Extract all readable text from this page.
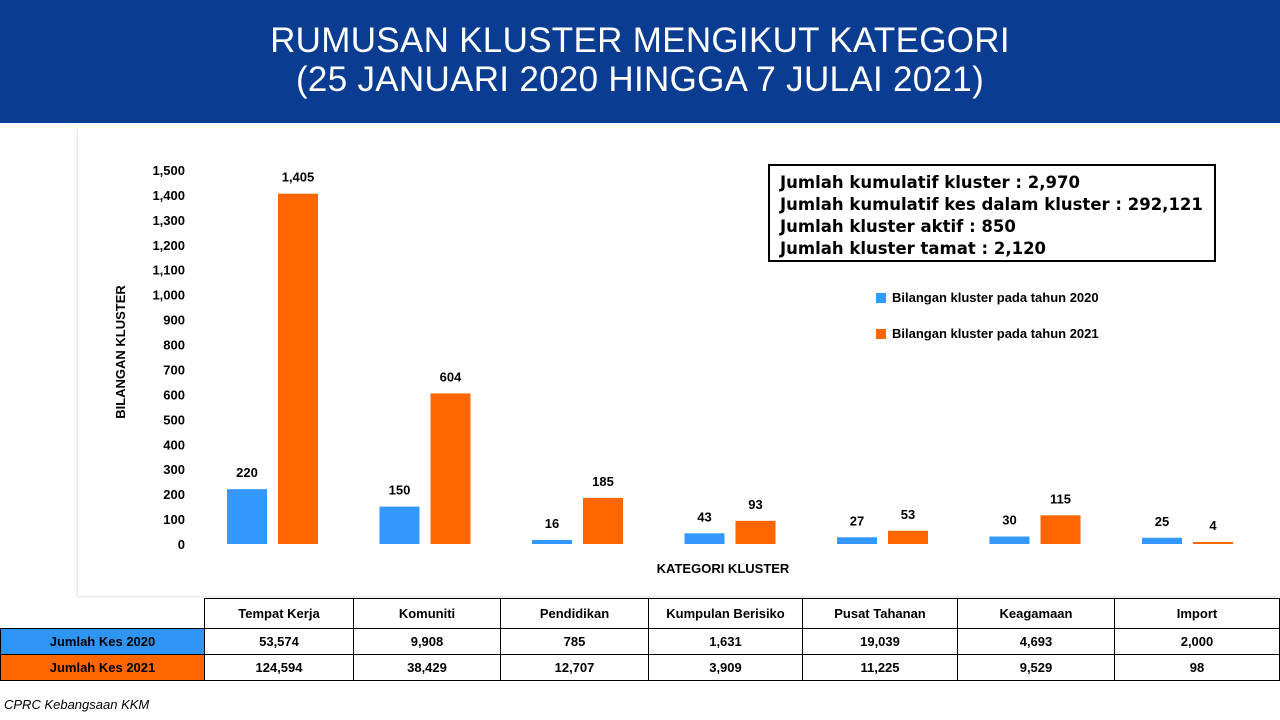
RUMUSAN KLUSTER MENGIKUT KATEGORI
(25 JANUARI 2020 HINGGA 7 JULAI 2021)
0
100
200
300
400
500
600
700
800
900
1,000
1,100
1,200
1,300
1,400
1,500
BILANGAN KLUSTER
KATEGORI KLUSTER
220
1,405
150
604
16
185
43
93
27	53	30
115
25	4
Jumlah kumulatif kluster : 2,970
Jumlah kumulatif kes dalam kluster : 292,121
Jumlah kluster aktif : 850
Jumlah kluster tamat : 2,120
Bilangan kluster pada tahun 2020
Bilangan kluster pada tahun 2021
	Tempat Kerja	Komuniti	Pendidikan	Kumpulan Berisiko	Pusat Tahanan	Keagamaan	Import
Jumlah Kes 2020	53,574	9,908	785	1,631	19,039	4,693	2,000
Jumlah Kes 2021	124,594	38,429	12,707	3,909	11,225	9,529	98
CPRC Kebangsaan KKM
